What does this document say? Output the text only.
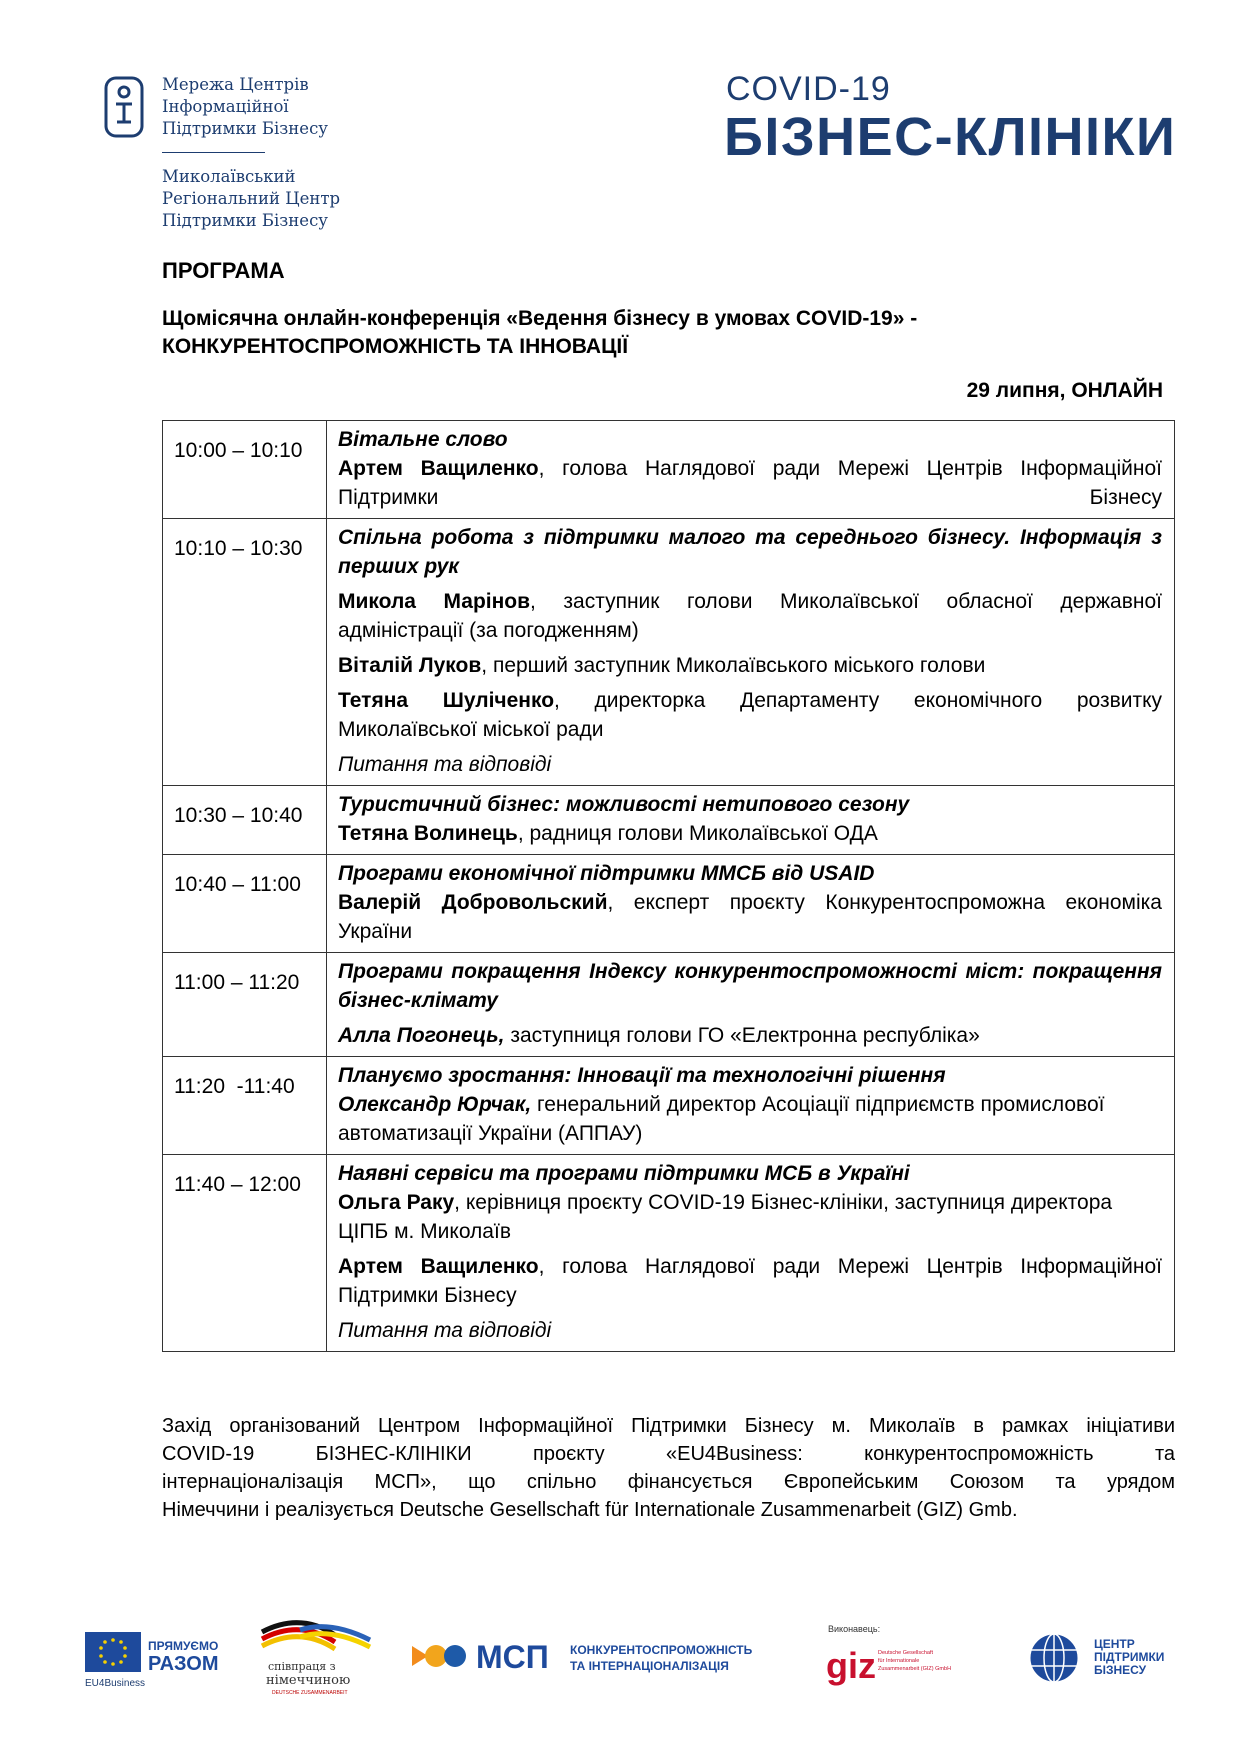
Мережа Центрів
Інформаційної
Підтримки Бізнесу
Миколаївський
Регіональний Центр
Підтримки Бізнесу
COVID-19
БІЗНЕС-КЛІНІКИ
ПРОГРАМА
Щомісячна онлайн-конференція «Ведення бізнесу в умовах COVID-19» -
КОНКУРЕНТОСПРОМОЖНІСТЬ ТА ІННОВАЦІЇ
29 липня, ОНЛАЙН
10:00 – 10:10	Вітальне слово
Артем Ващиленко, голова Наглядової ради Мережі Центрів Інформаційної Підтримки Бізнесу

10:10 – 10:30	Спільна робота з підтримки малого та середнього бізнесу. Інформація з перших рук
Микола Марінов, заступник голови Миколаївської обласної державної адміністрації (за погодженням)
Віталій Луков, перший заступник Миколаївського міського голови
Тетяна Шуліченко, директорка Департаменту економічного розвитку Миколаївської міської ради
Питання та відповіді

10:30 – 10:40	Туристичний бізнес: можливості нетипового сезону
Тетяна Волинець, радниця голови Миколаївської ОДА

10:40 – 11:00	Програми економічної підтримки ММСБ від USAID
Валерій Добровольский, експерт проєкту Конкурентоспроможна економіка України

11:00 – 11:20	Програми покращення Індексу конкурентоспроможності міст: покращення бізнес-клімату
Алла Погонець, заступниця голови ГО «Електронна республіка»

11:20  -11:40	Плануємо зростання: Інновації та технологічні рішення
Олександр Юрчак, генеральний директор Асоціації підприємств промислової автоматизації України (АППАУ)

11:40 – 12:00	Наявні сервіси та програми підтримки МСБ в Україні
Ольга Раку, керівниця проєкту COVID-19 Бізнес-клініки, заступниця директора ЦІПБ м. Миколаїв
Артем Ващиленко, голова Наглядової ради Мережі Центрів Інформаційної Підтримки Бізнесу
Питання та відповіді
Захід організований Центром Інформаційної Підтримки Бізнесу м. Миколаїв в рамках ініціативи
COVID-19 БІЗНЕС-КЛІНІКИ проєкту «EU4Business: конкурентоспроможність та
інтернаціоналізація МСП», що спільно фінансується Європейським Союзом та урядом
Німеччини і реалізується Deutsche Gesellschaft für Internationale Zusammenarbeit (GIZ) Gmb.
EU4Business
ПРЯМУЄМО
РАЗОМ	співпраця з
німеччиною
DEUTSCHE ZUSAMMENARBEIT
МСП КОНКУРЕНТОСПРОМОЖНІСТЬ
ТА ІНТЕРНАЦІОНАЛІЗАЦІЯ
Виконавець:
giz Deutsche Gesellschaft
für Internationale
Zusammenarbeit (GIZ) GmbH
ЦЕНТР
ПІДТРИМКИ
БІЗНЕСУ
